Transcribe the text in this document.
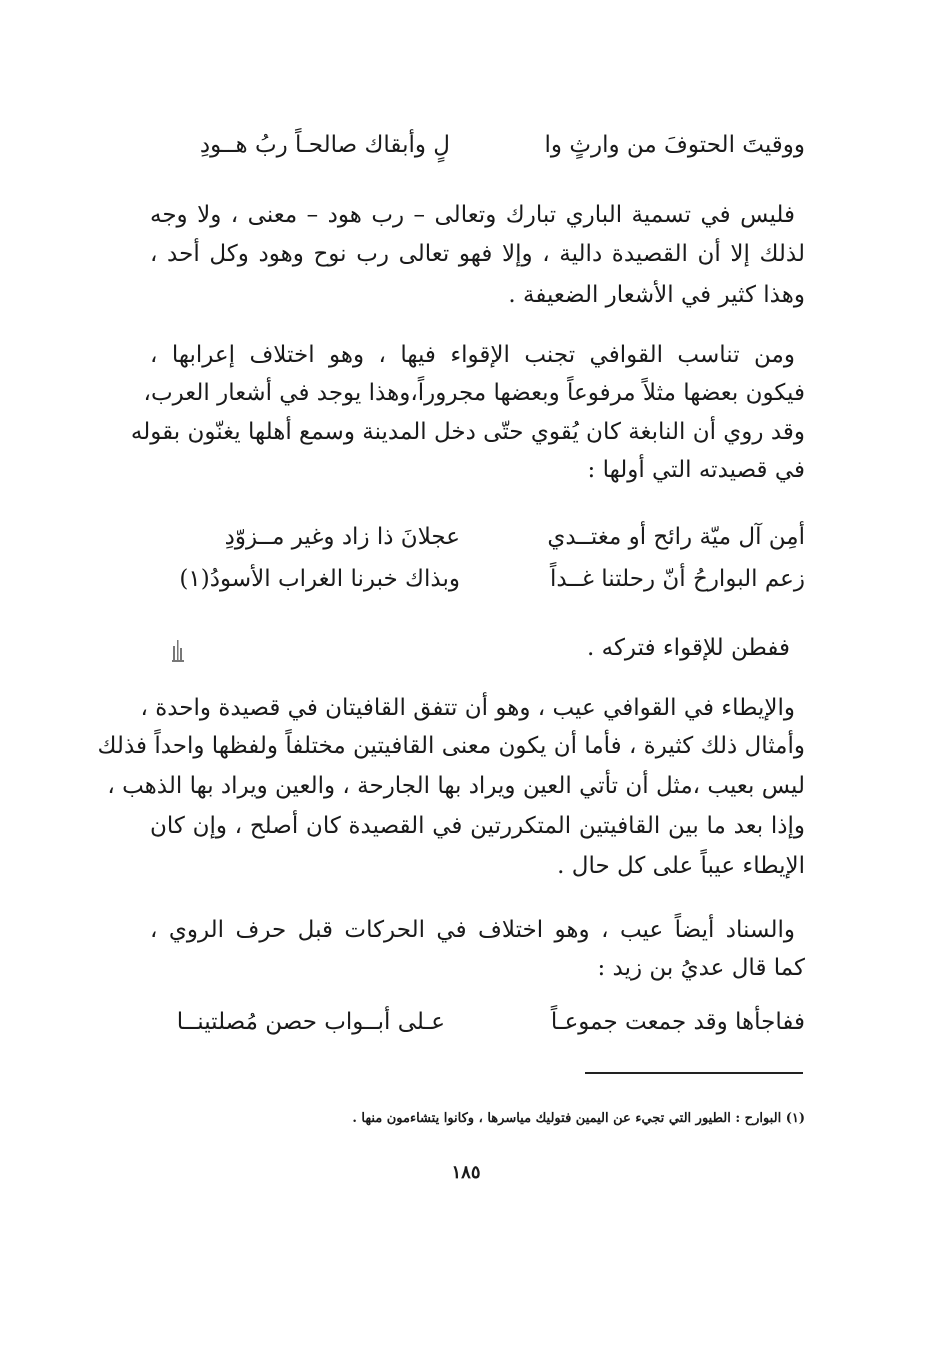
ووقيتَ الحتوفَ من وارثٍ وا
لٍ وأبقاك صالحـاً ربُ هــودِ
فليس في تسمية الباري تبارك وتعالى – رب هود – معنى ، ولا وجه
لذلك إلا أن القصيدة دالية ، وإلا فهو تعالى رب نوح وهود وكل أحد ،
وهذا كثير في الأشعار الضعيفة .
ومن تناسب القوافي تجنب الإقواء فيها ، وهو اختلاف إعرابها ،
فيكون بعضها مثلاً مرفوعاً وبعضها مجروراً،وهذا يوجد في أشعار العرب،
وقد روي أن النابغة كان يُقوي حتّى دخل المدينة وسمع أهلها يغنّون بقوله
في قصيدته التي أولها :
أمِن آل ميّة رائح أو مغتــدي
عجلانَ ذا زاد وغير مــزوّدِ
زعم البوارحُ أنّ رحلتنا غــداً
وبذاك خبرنا الغراب الأسودُ(١)
ففطن للإقواء فتركه .
والإيطاء في القوافي عيب ، وهو أن تتفق القافيتان في قصيدة واحدة ،
وأمثال ذلك كثيرة ، فأما أن يكون معنى القافيتين مختلفاً ولفظها واحداً فذلك
ليس بعيب ،مثل أن تأتي العين ويراد بها الجارحة ، والعين ويراد بها الذهب ،
وإذا بعد ما بين القافيتين المتكررتين في القصيدة كان أصلح ، وإن كان
الإيطاء عيباً على كل حال .
والسناد أيضاً عيب ، وهو اختلاف في الحركات قبل حرف الروي ،
كما قال عديُ بن زيد :
ففاجأها وقد جمعت جموعـاً
عـلى أبــواب حصن مُصلتينــا
(١) البوارح : الطيور التي تجيء عن اليمين فتوليك مياسرها ، وكانوا يتشاءمون منها .
١٨٥
